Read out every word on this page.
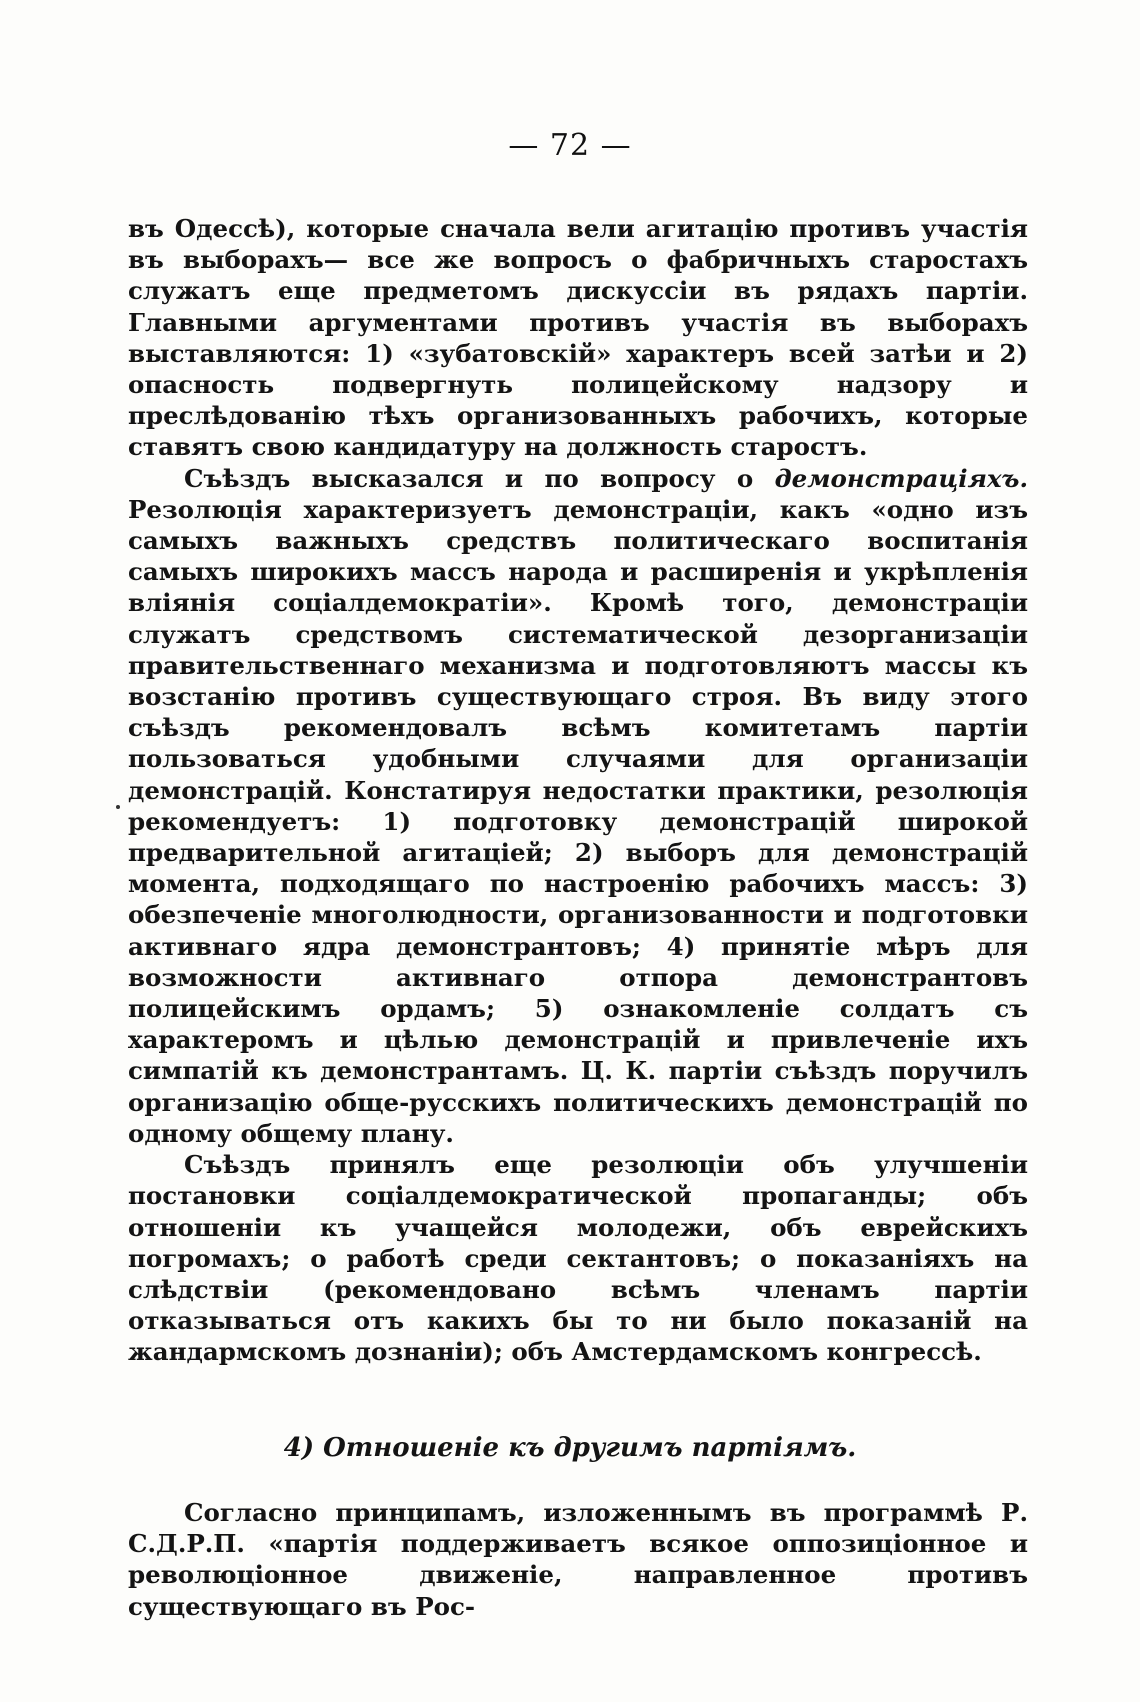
— 72 —

въ Одессѣ), которые сначала вели агитацію противъ участія въ выборахъ— все же вопросъ о фабричныхъ старостахъ служатъ еще предметомъ дискуссіи въ рядахъ партіи. Главными аргументами противъ участія въ выборахъ выставляются: 1) «зубатовскій» характеръ всей затѣи и 2) опасность подвергнуть полицейскому надзору и преслѣдованію тѣхъ организованныхъ рабочихъ, которые ставятъ свою кандидатуру на должность старостъ.

Съѣздъ высказался и по вопросу о демонстраціяхъ. Резолюція характеризуетъ демонстраціи, какъ «одно изъ самыхъ важныхъ средствъ политическаго воспитанія самыхъ широкихъ массъ народа и расширенія и укрѣпленія вліянія соціалдемократіи». Кромѣ того, демонстраціи служатъ средствомъ систематической дезорганизаціи правительственнаго механизма и подготовляютъ массы къ возстанію противъ существующаго строя. Въ виду этого съѣздъ рекомендовалъ всѣмъ комитетамъ партіи пользоваться удобными случаями для организаціи демонстрацій. Констатируя недостатки практики, резолюція рекомендуетъ: 1) подготовку демонстрацій широкой предварительной агитаціей; 2) выборъ для демонстрацій момента, подходящаго по настроенію рабочихъ массъ: 3) обезпеченіе многолюдности, организованности и подготовки активнаго ядра демонстрантовъ; 4) принятіе мѣръ для возможности активнаго отпора демонстрантовъ полицейскимъ ордамъ; 5) ознакомленіе солдатъ съ характеромъ и цѣлью демонстрацій и привлеченіе ихъ симпатій къ демонстрантамъ. Ц. К. партіи съѣздъ поручилъ организацію обще-русскихъ политическихъ демонстрацій по одному общему плану.

Съѣздъ принялъ еще резолюціи объ улучшеніи постановки соціалдемократической пропаганды; объ отношеніи къ учащейся молодежи, объ еврейскихъ погромахъ; о работѣ среди сектантовъ; о показаніяхъ на слѣдствіи (рекомендовано всѣмъ членамъ партіи отказываться отъ какихъ бы то ни было показаній на жандармскомъ дознаніи); объ Амстердамскомъ конгрессѣ.

4) Отношеніе къ другимъ партіямъ.

Согласно принципамъ, изложеннымъ въ программѣ Р. С.Д.Р.П. «партія поддерживаетъ всякое оппозиціонное и революціонное движеніе, направленное противъ существующаго въ Рос-
